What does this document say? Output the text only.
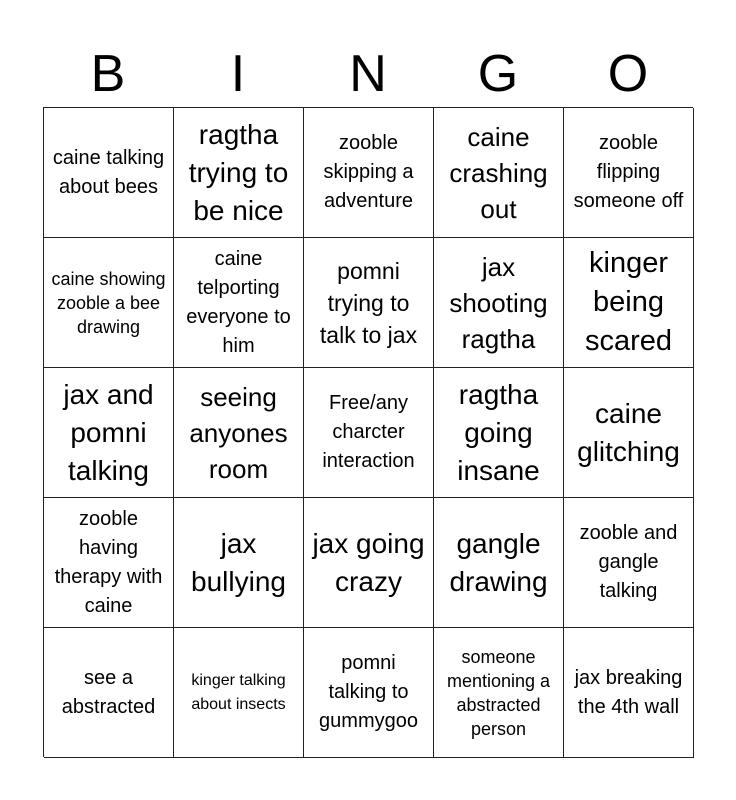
B	I	N	G	O
caine talking about bees
ragtha trying to be nice
zooble skipping a adventure
caine crashing out
zooble flipping someone off
caine showing zooble a bee drawing
caine telporting everyone to him
pomni trying to talk to jax
jax shooting ragtha
kinger being scared
jax and pomni talking
seeing anyones room
Free/any charcter interaction
ragtha going insane
caine glitching
zooble having therapy with caine
jax bullying
jax going crazy
gangle drawing
zooble and gangle talking
see a abstracted
kinger talking about insects
pomni talking to gummygoo
someone mentioning a abstracted person
jax breaking the 4th wall
